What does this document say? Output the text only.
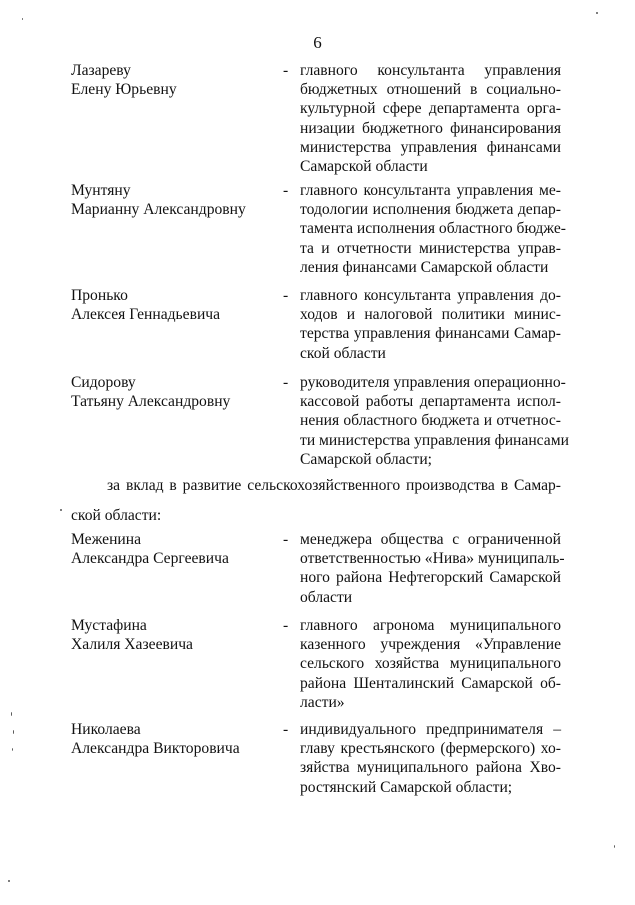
6
Лазареву
Елену Юрьевну
- главного консультанта управления
бюджетных отношений в социально-
культурной сфере департамента орга-
низации бюджетного финансирования
министерства управления финансами
Самарской области
Мунтяну
Марианну Александровну
- главного консультанта управления ме-
тодологии исполнения бюджета депар-
тамента исполнения областного бюдже-
та и отчетности министерства управ-
ления финансами Самарской области
Пронько
Алексея Геннадьевича
- главного консультанта управления до-
ходов и налоговой политики минис-
терства управления финансами Самар-
ской области
Сидорову
Татьяну Александровну
- руководителя управления операционно-
кассовой работы департамента испол-
нения областного бюджета и отчетнос-
ти министерства управления финансами
Самарской области;
за вклад в развитие сельскохозяйственного производства в Самар-
ской области:
Меженина
Александра Сергеевича
- менеджера общества с ограниченной
ответственностью «Нива» муниципаль-
ного района Нефтегорский Самарской
области
Мустафина
Халиля Хазеевича
- главного агронома муниципального
казенного учреждения «Управление
сельского хозяйства муниципального
района Шенталинский Самарской об-
ласти»
Николаева
Александра Викторовича
- индивидуального предпринимателя –
главу крестьянского (фермерского) хо-
зяйства муниципального района Хво-
ростянский Самарской области;
